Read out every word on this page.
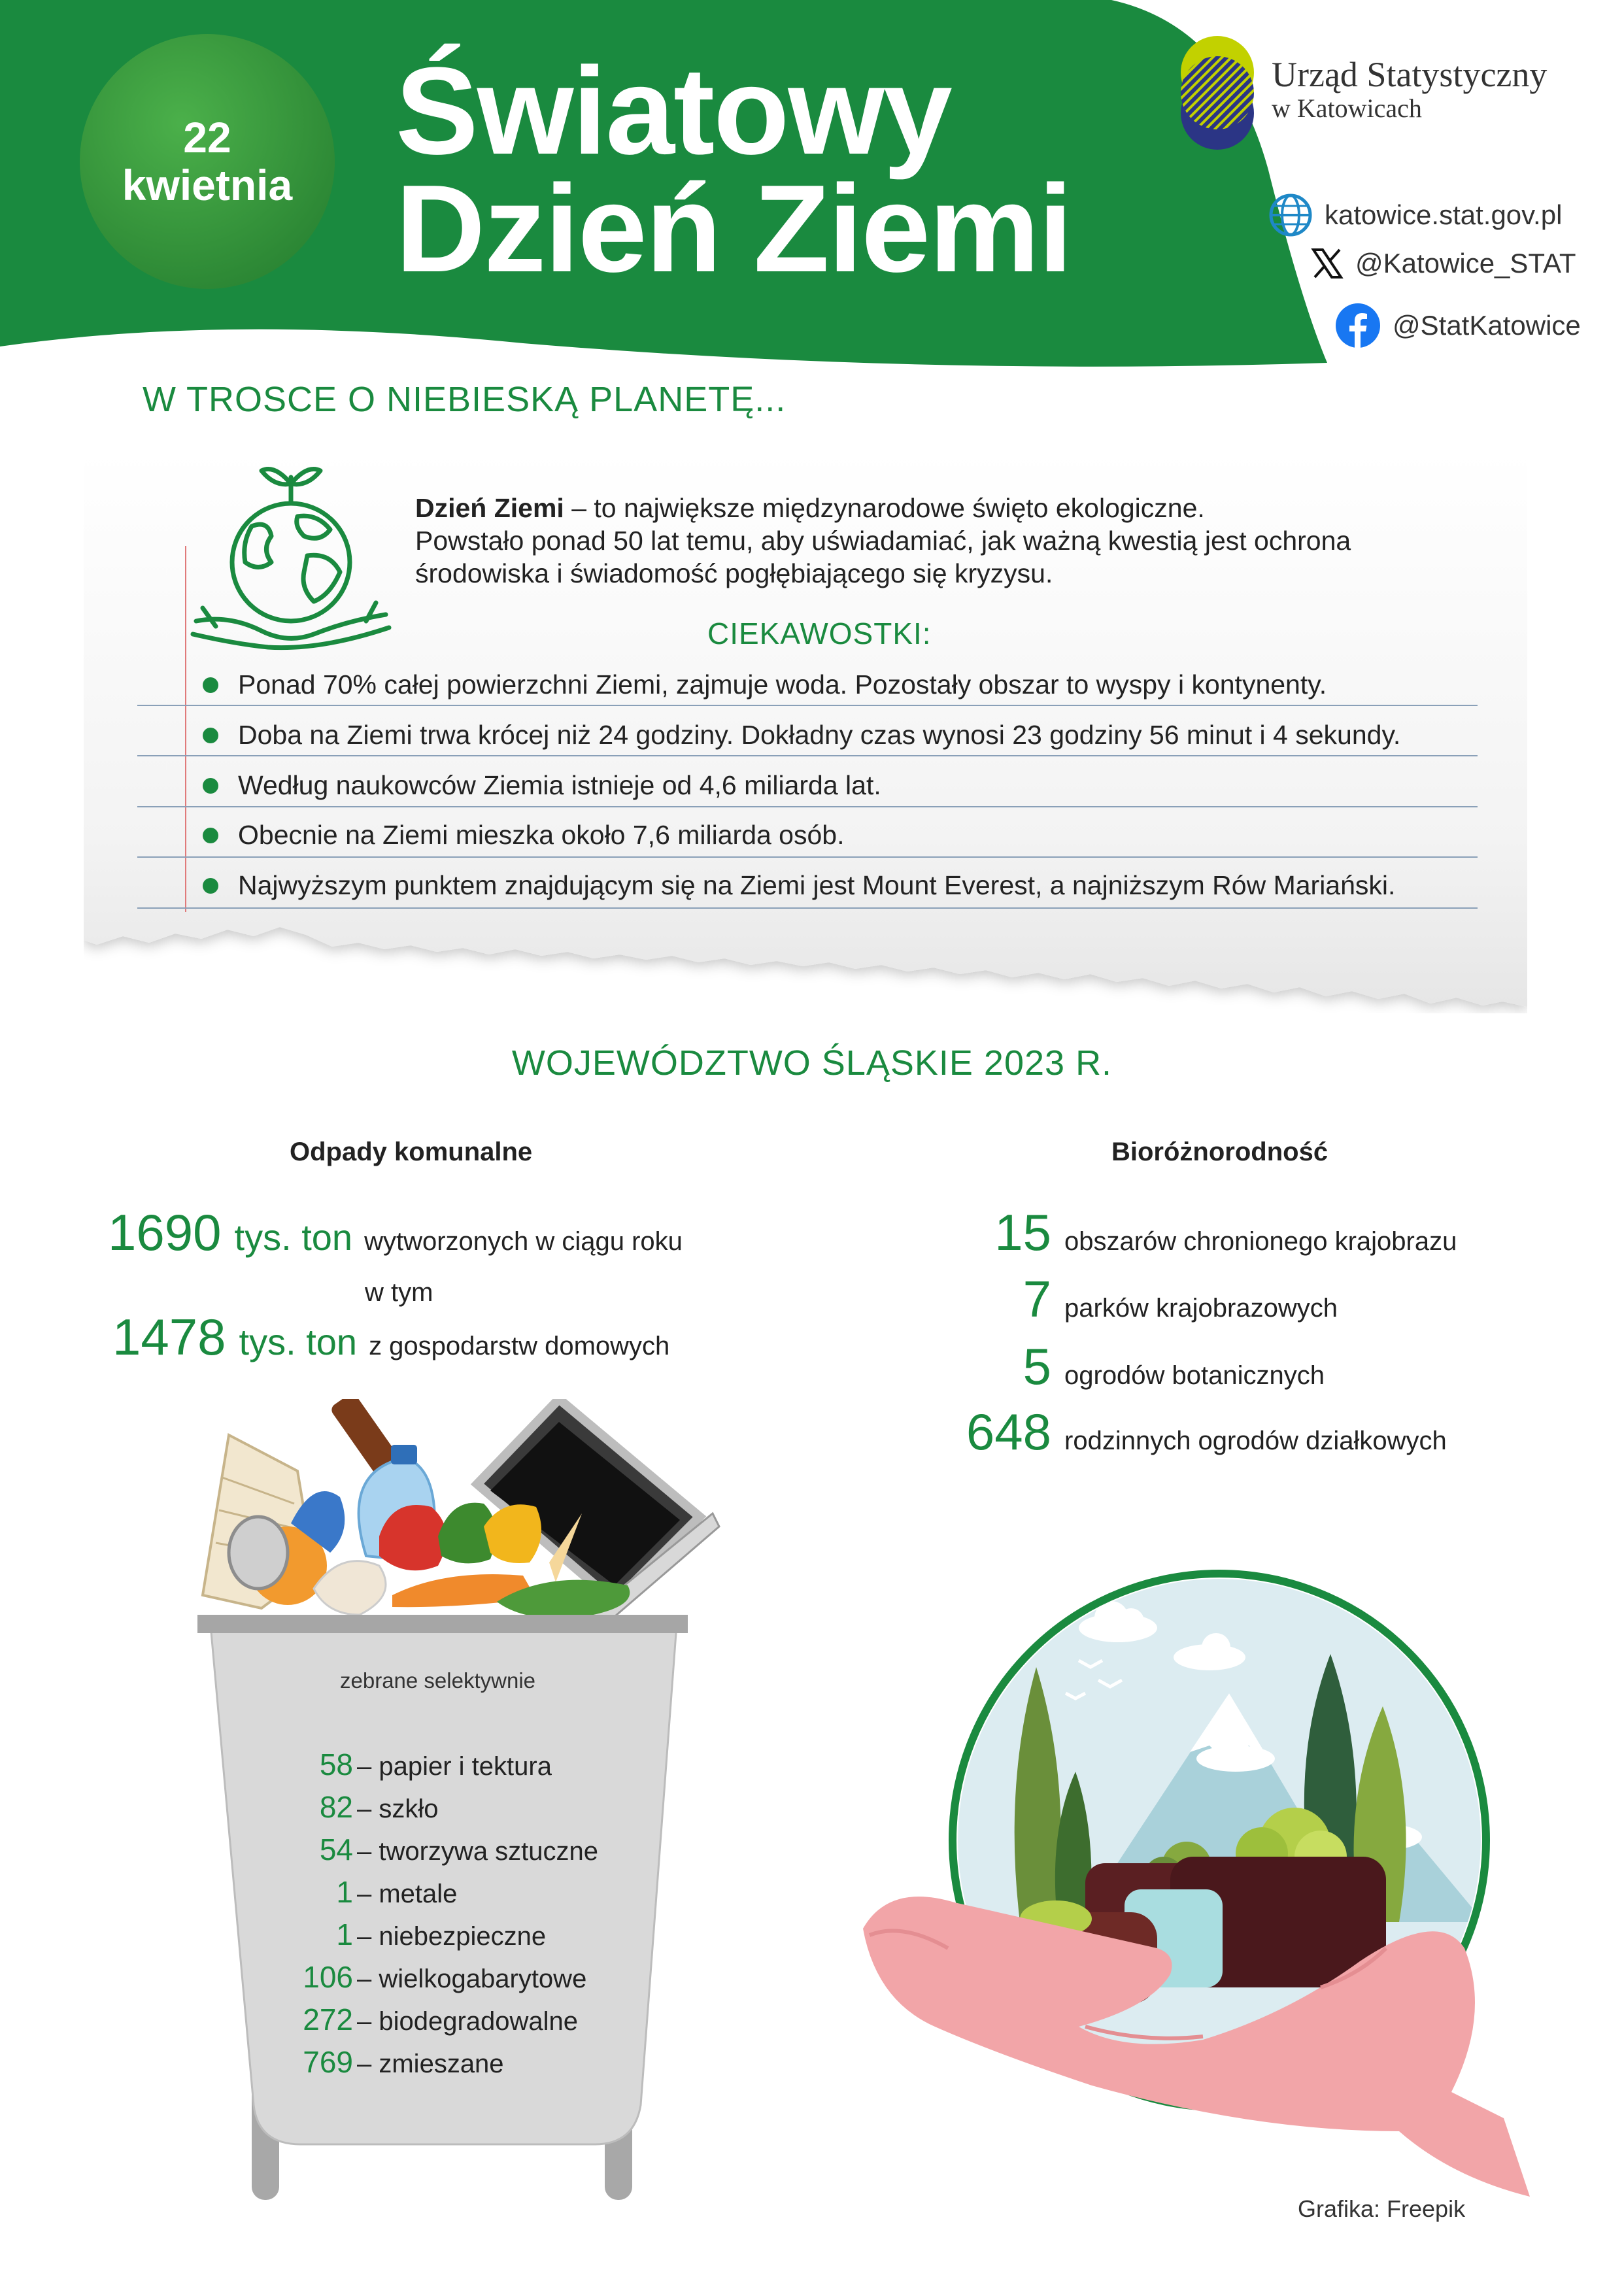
22
kwietnia
Światowy
Dzień Ziemi
Urząd Statystyczny
w Katowicach
katowice.stat.gov.pl
@Katowice_STAT
@StatKatowice
W TROSCE O NIEBIESKĄ PLANETĘ...
Dzień Ziemi – to największe międzynarodowe święto ekologiczne.
Powstało ponad 50 lat temu, aby uświadamiać, jak ważną kwestią jest ochrona
środowiska i świadomość pogłębiającego się kryzysu.
CIEKAWOSTKI:
Ponad 70% całej powierzchni Ziemi, zajmuje woda. Pozostały obszar to wyspy i kontynenty.
Doba na Ziemi trwa krócej niż 24 godziny. Dokładny czas wynosi 23 godziny 56 minut i 4 sekundy.
Według naukowców Ziemia istnieje od 4,6 miliarda lat.
Obecnie na Ziemi mieszka około 7,6 miliarda osób.
Najwyższym punktem znajdującym się na Ziemi jest Mount Everest, a najniższym Rów Mariański.
WOJEWÓDZTWO ŚLĄSKIE 2023 R.
Odpady komunalne
1690 tys. ton wytworzonych w ciągu roku
w tym
1478 tys. ton z gospodarstw domowych
zebrane selektywnie
58 – papier i tektura
82 – szkło
54 – tworzywa sztuczne
1 – metale
1 – niebezpieczne
106 – wielkogabarytowe
272 – biodegradowalne
769 – zmieszane
Bioróżnorodność
15 obszarów chronionego krajobrazu
7 parków krajobrazowych
5 ogrodów botanicznych
648 rodzinnych ogrodów działkowych
Grafika: Freepik
